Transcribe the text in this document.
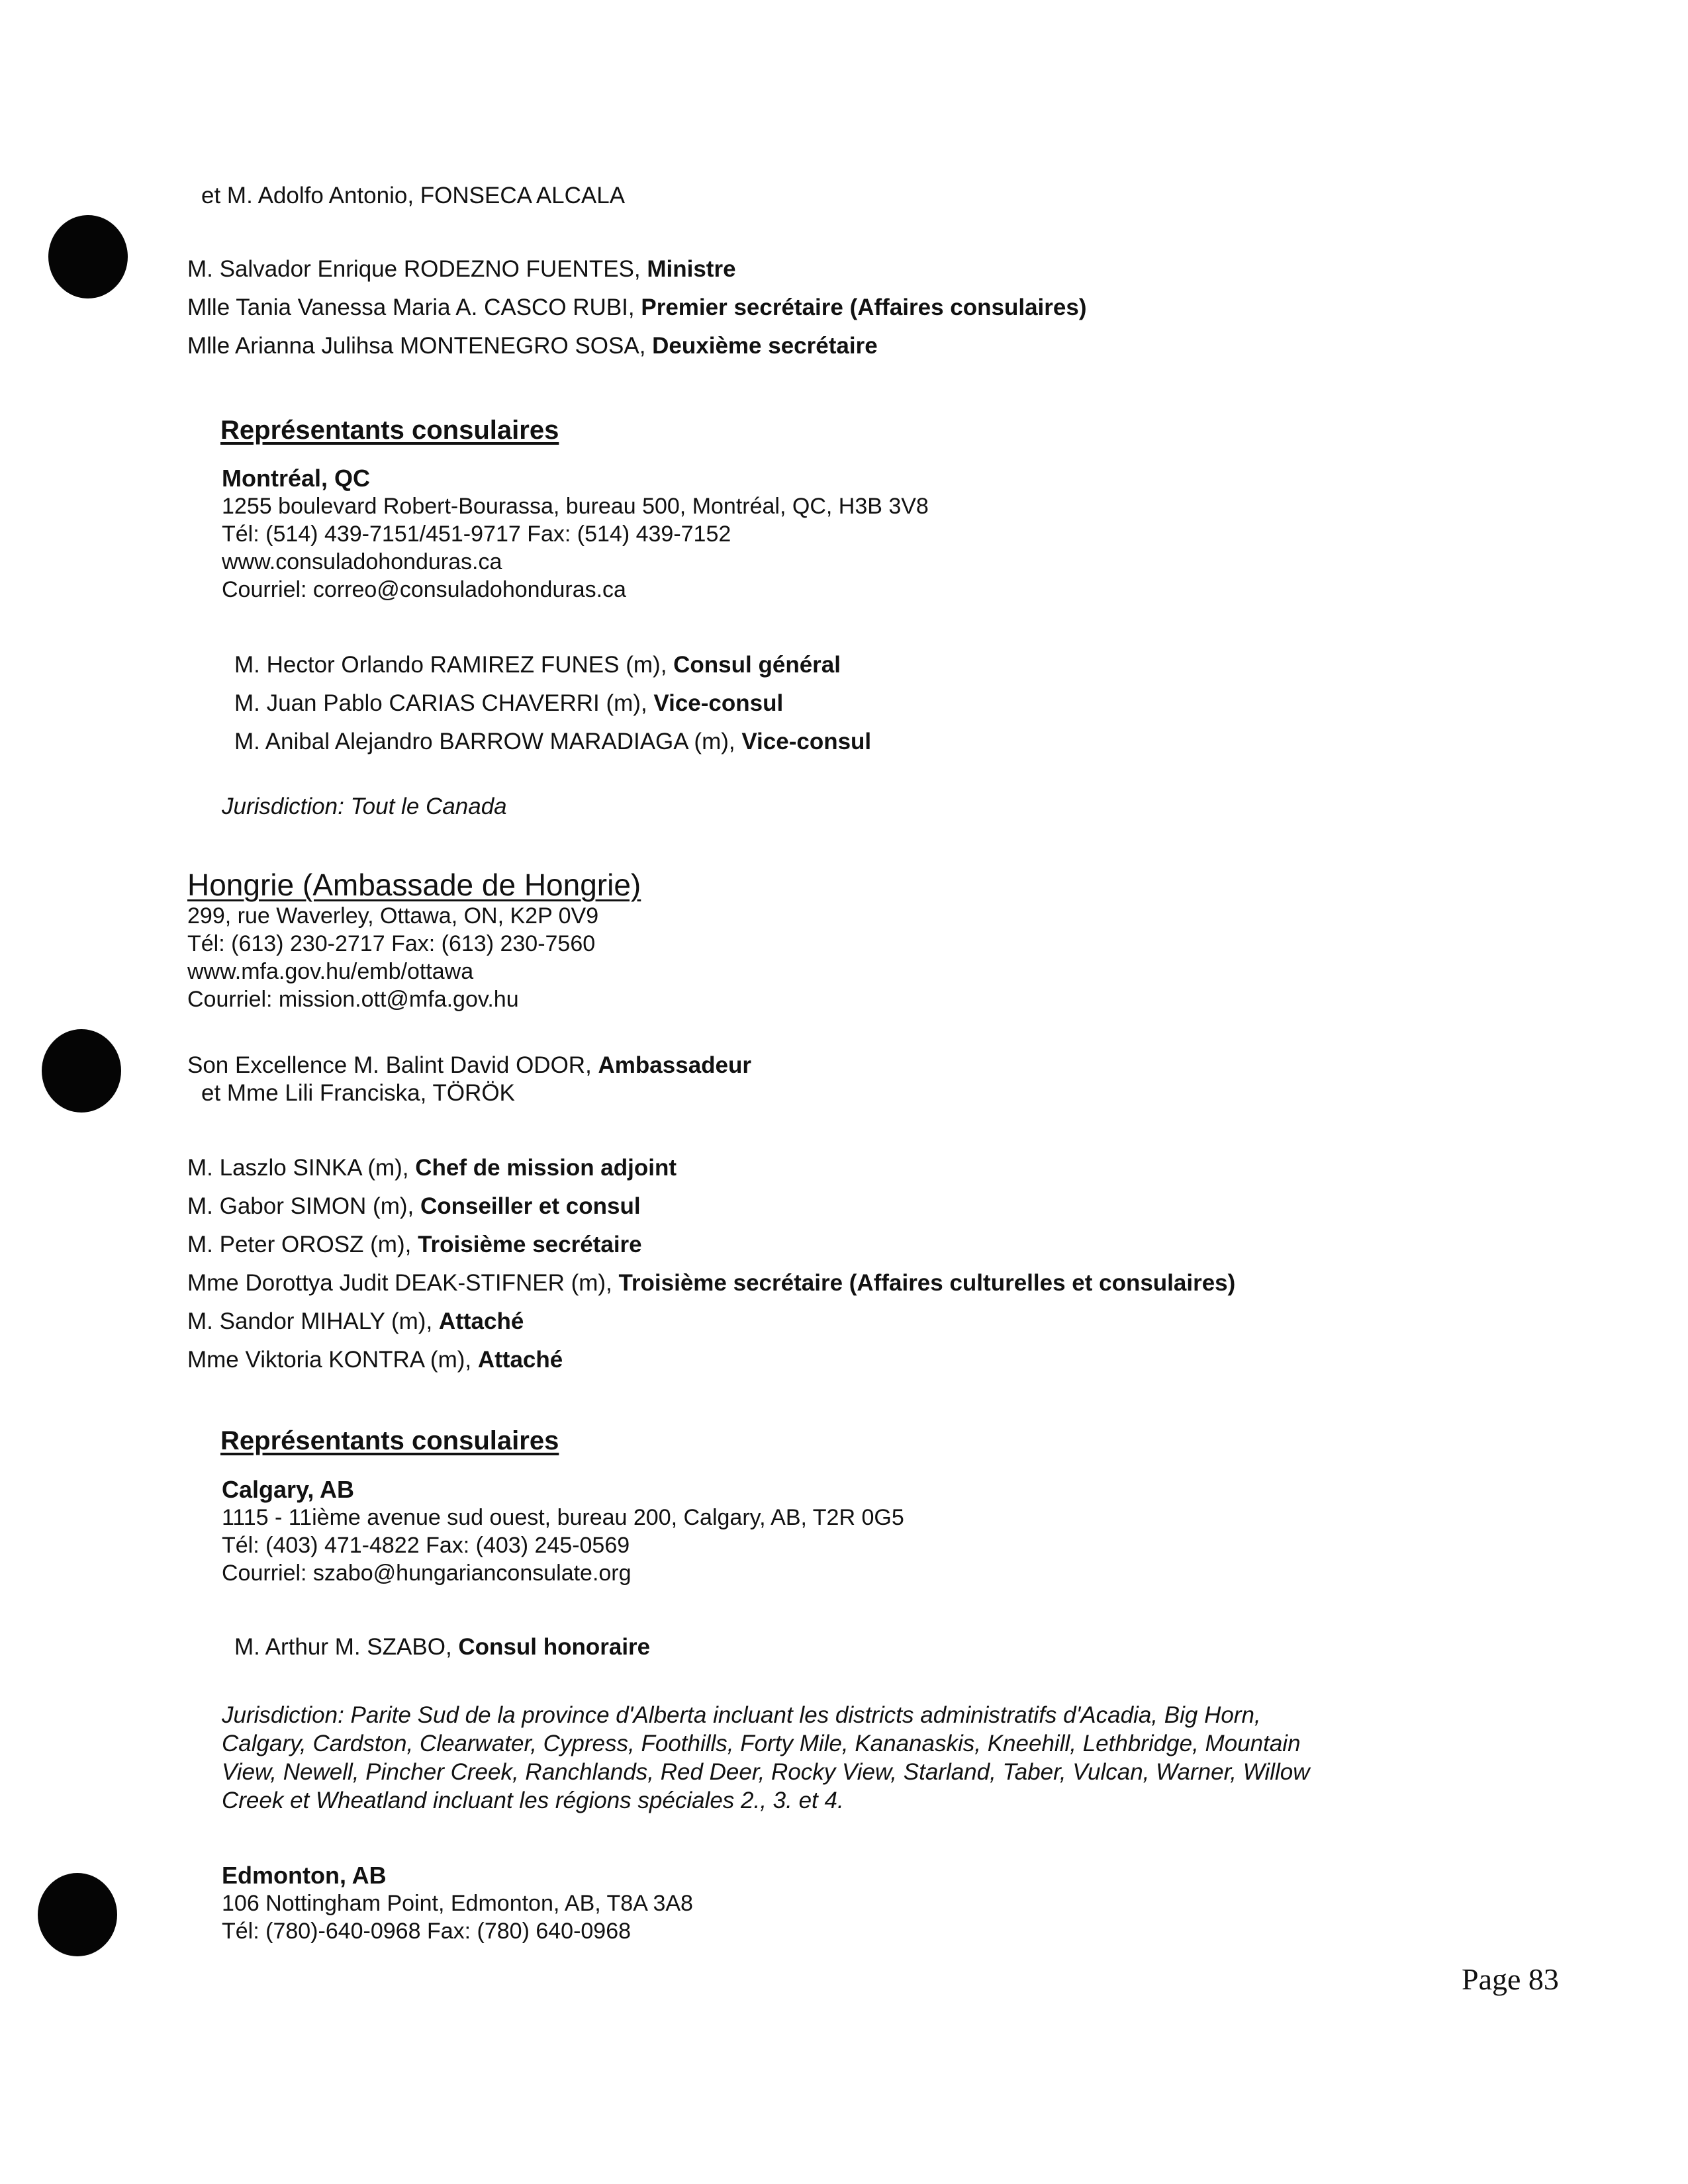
et M. Adolfo Antonio, FONSECA ALCALA
M. Salvador Enrique RODEZNO FUENTES, Ministre
Mlle Tania Vanessa Maria A. CASCO RUBI, Premier secrétaire (Affaires consulaires)
Mlle Arianna Julihsa MONTENEGRO SOSA, Deuxième secrétaire
Représentants consulaires
Montréal, QC
1255 boulevard Robert-Bourassa, bureau 500, Montréal, QC, H3B 3V8
Tél: (514) 439-7151/451-9717 Fax: (514) 439-7152
www.consuladohonduras.ca
Courriel: correo@consuladohonduras.ca
M. Hector Orlando RAMIREZ FUNES (m), Consul général
M. Juan Pablo CARIAS CHAVERRI (m), Vice-consul
M. Anibal Alejandro BARROW MARADIAGA (m), Vice-consul
Jurisdiction: Tout le Canada
Hongrie (Ambassade de Hongrie)
299, rue Waverley, Ottawa, ON, K2P 0V9
Tél: (613) 230-2717 Fax: (613) 230-7560
www.mfa.gov.hu/emb/ottawa
Courriel: mission.ott@mfa.gov.hu
Son Excellence M. Balint David ODOR, Ambassadeur
et Mme Lili Franciska, TÖRÖK
M. Laszlo SINKA (m), Chef de mission adjoint
M. Gabor SIMON (m), Conseiller et consul
M. Peter OROSZ (m), Troisième secrétaire
Mme Dorottya Judit DEAK-STIFNER (m), Troisième secrétaire (Affaires culturelles et consulaires)
M. Sandor MIHALY (m), Attaché
Mme Viktoria KONTRA (m), Attaché
Représentants consulaires
Calgary, AB
1115 - 11ième avenue sud ouest, bureau 200, Calgary, AB, T2R 0G5
Tél: (403) 471-4822 Fax: (403) 245-0569
Courriel: szabo@hungarianconsulate.org
M. Arthur M. SZABO, Consul honoraire
Jurisdiction: Parite Sud de la province d'Alberta incluant les districts administratifs d'Acadia, Big Horn,
Calgary, Cardston, Clearwater, Cypress, Foothills, Forty Mile, Kananaskis, Kneehill, Lethbridge, Mountain
View, Newell, Pincher Creek, Ranchlands, Red Deer, Rocky View, Starland, Taber, Vulcan, Warner, Willow
Creek et Wheatland incluant les régions spéciales 2., 3. et 4.
Edmonton, AB
106 Nottingham Point, Edmonton, AB, T8A 3A8
Tél: (780)-640-0968 Fax: (780) 640-0968
Page 83
